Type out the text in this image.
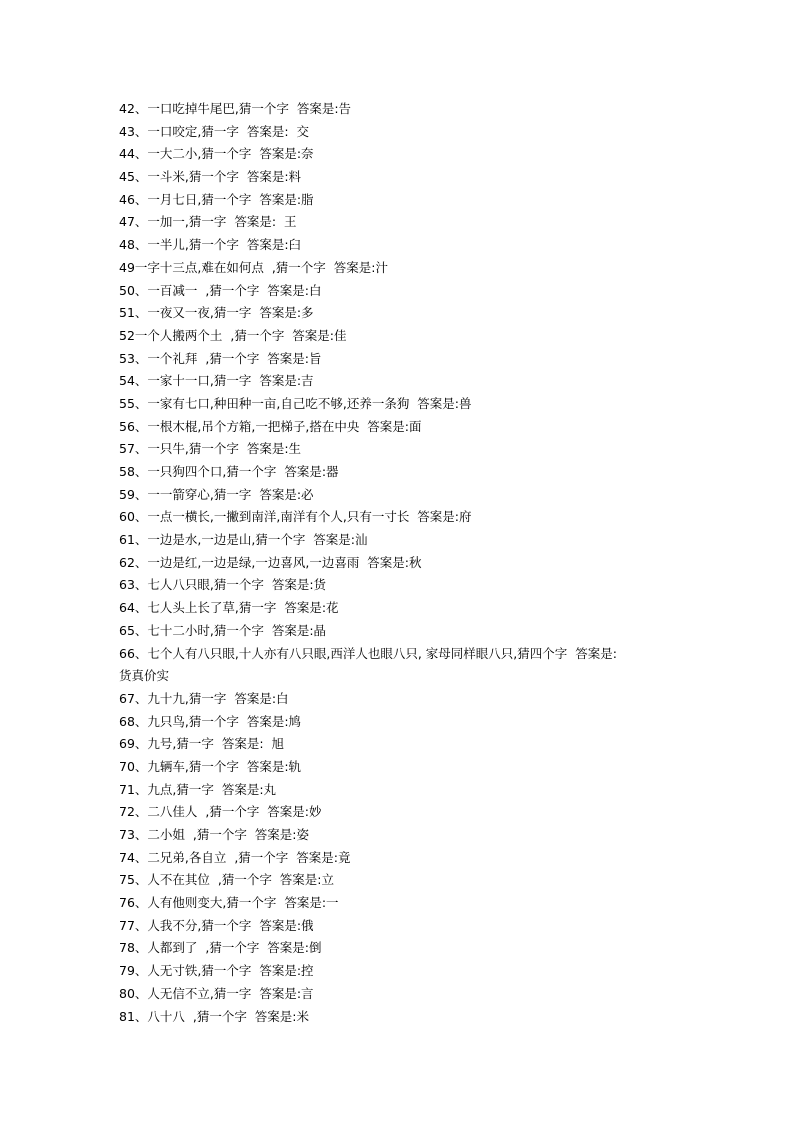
42、一口吃掉牛尾巴,猜一个字  答案是:告
43、一口咬定,猜一字  答案是:  交
44、一大二小,猜一个字  答案是:奈
45、一斗米,猜一个字  答案是:料
46、一月七日,猜一个字  答案是:脂
47、一加一,猜一字  答案是:  王
48、一半儿,猜一个字  答案是:臼
49一字十三点,难在如何点  ,猜一个字  答案是:汁
50、一百减一  ,猜一个字  答案是:白
51、一夜又一夜,猜一字  答案是:多
52一个人搬两个土  ,猜一个字  答案是:佳
53、一个礼拜  ,猜一个字  答案是:旨
54、一家十一口,猜一字  答案是:吉
55、一家有七口,种田种一亩,自己吃不够,还养一条狗  答案是:兽
56、一根木棍,吊个方箱,一把梯子,搭在中央  答案是:面
57、一只牛,猜一个字  答案是:生
58、一只狗四个口,猜一个字  答案是:器
59、一一箭穿心,猜一字  答案是:必
60、一点一横长,一撇到南洋,南洋有个人,只有一寸长  答案是:府
61、一边是水,一边是山,猜一个字  答案是:汕
62、一边是红,一边是绿,一边喜风,一边喜雨  答案是:秋
63、七人八只眼,猜一个字  答案是:货
64、七人头上长了草,猜一字  答案是:花
65、七十二小时,猜一个字  答案是:晶
66、七个人有八只眼,十人亦有八只眼,西洋人也眼八只, 家母同样眼八只,猜四个字  答案是:
货真价实
67、九十九,猜一字  答案是:白
68、九只鸟,猜一个字  答案是:鸠
69、九号,猜一字  答案是:  旭
70、九辆车,猜一个字  答案是:轨
71、九点,猜一字  答案是:丸
72、二八佳人  ,猜一个字  答案是:妙
73、二小姐  ,猜一个字  答案是:姿
74、二兄弟,各自立  ,猜一个字  答案是:竟
75、人不在其位  ,猜一个字  答案是:立
76、人有他则变大,猜一个字  答案是:一
77、人我不分,猜一个字  答案是:俄
78、人都到了  ,猜一个字  答案是:倒
79、人无寸铁,猜一个字  答案是:控
80、人无信不立,猜一字  答案是:言
81、八十八  ,猜一个字  答案是:米
